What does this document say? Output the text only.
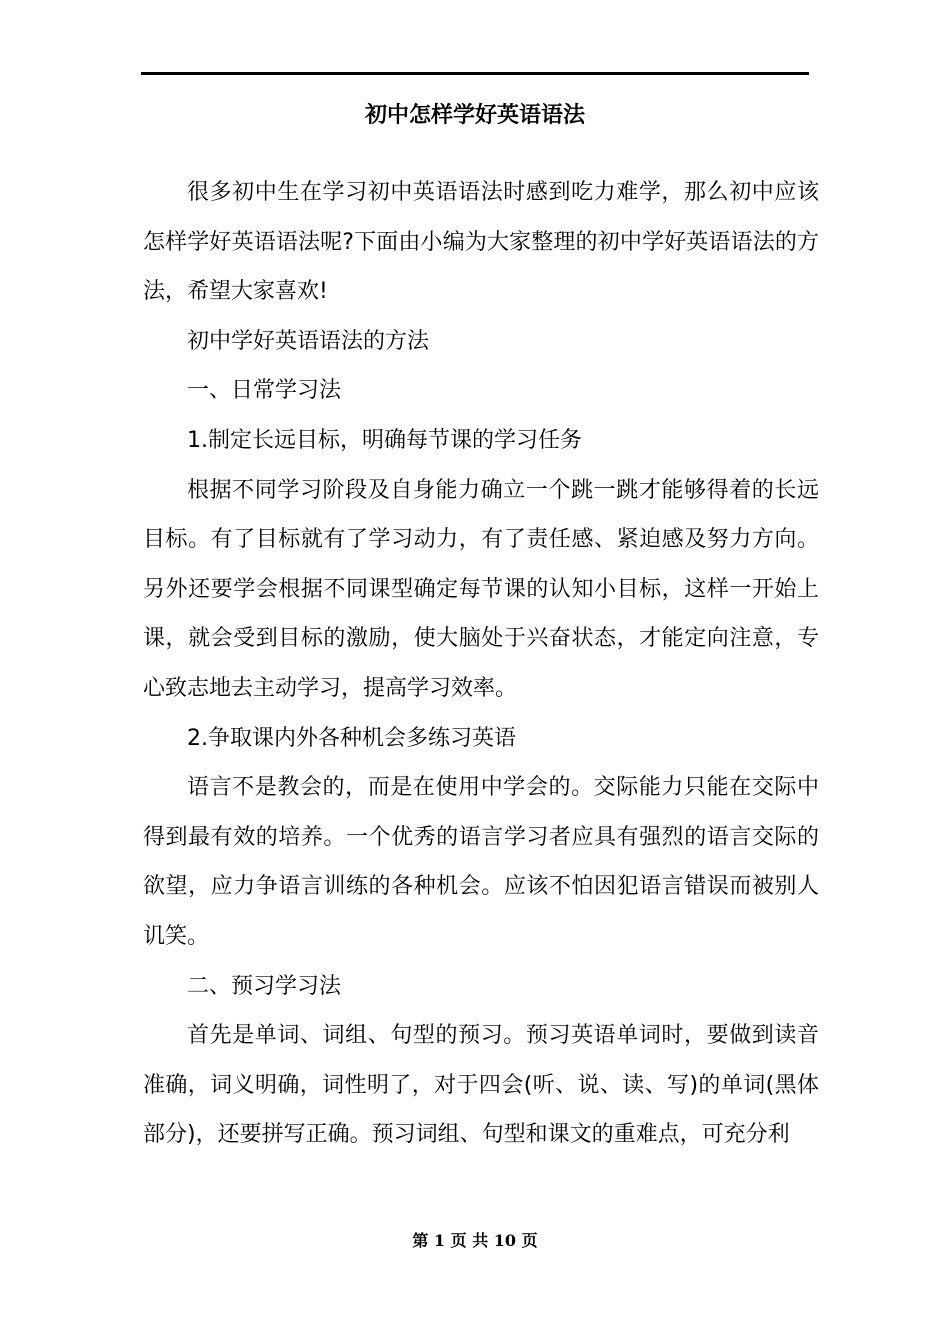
初中怎样学好英语语法

很多初中生在学习初中英语语法时感到吃力难学，那么初中应该怎样学好英语语法呢?下面由小编为大家整理的初中学好英语语法的方法，希望大家喜欢!

初中学好英语语法的方法

一、日常学习法

1.制定长远目标，明确每节课的学习任务

根据不同学习阶段及自身能力确立一个跳一跳才能够得着的长远目标。有了目标就有了学习动力，有了责任感、紧迫感及努力方向。另外还要学会根据不同课型确定每节课的认知小目标，这样一开始上课，就会受到目标的激励，使大脑处于兴奋状态，才能定向注意，专心致志地去主动学习，提高学习效率。

2.争取课内外各种机会多练习英语

语言不是教会的，而是在使用中学会的。交际能力只能在交际中得到最有效的培养。一个优秀的语言学习者应具有强烈的语言交际的欲望，应力争语言训练的各种机会。应该不怕因犯语言错误而被别人讥笑。

二、预习学习法

首先是单词、词组、句型的预习。预习英语单词时，要做到读音准确，词义明确，词性明了，对于四会(听、说、读、写)的单词(黑体部分)，还要拼写正确。预习词组、句型和课文的重难点，可充分利

第 1 页 共 10 页
